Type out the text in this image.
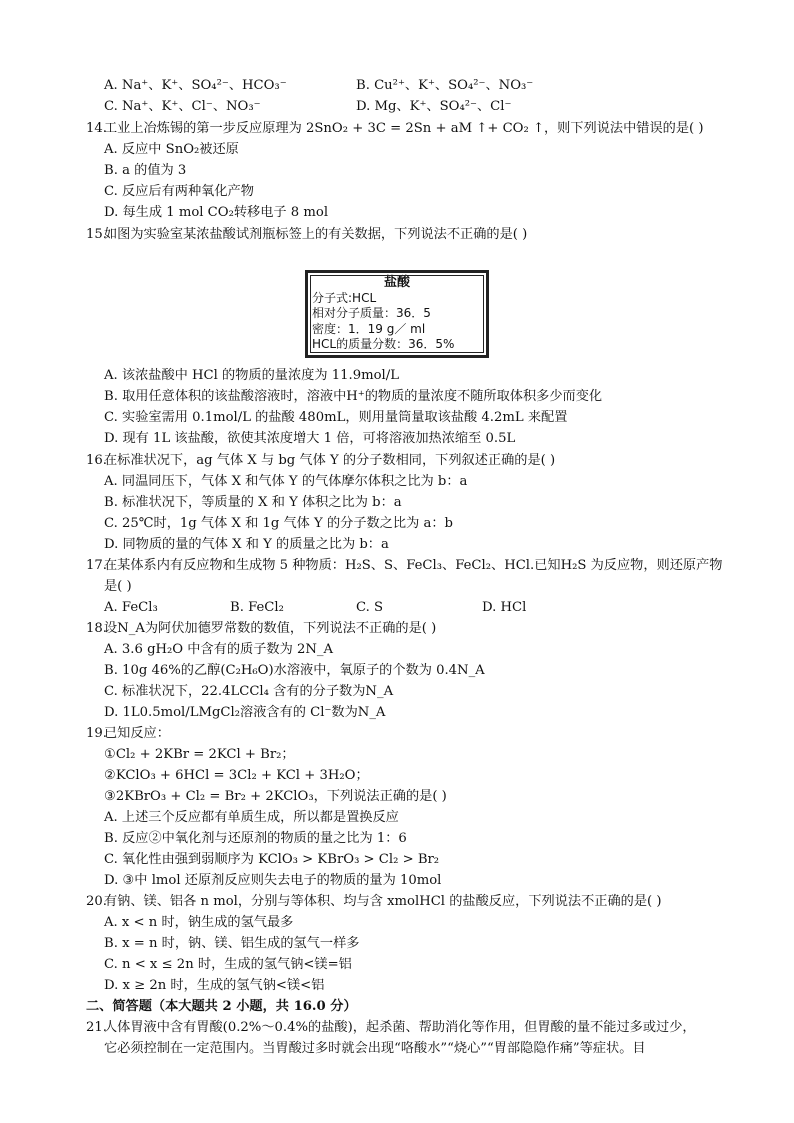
A. Na⁺、K⁺、SO₄²⁻、HCO₃⁻	B. Cu²⁺、K⁺、SO₄²⁻、NO₃⁻
C. Na⁺、K⁺、Cl⁻、NO₃⁻	D. Mg、K⁺、SO₄²⁻、Cl⁻
14.
工业上冶炼锡的第一步反应原理为 2SnO₂ + 3C = 2Sn + aM ↑+ CO₂ ↑，则下列说法中错误的是( )
A. 反应中 SnO₂被还原
B. a 的值为 3
C. 反应后有两种氧化产物
D. 每生成 1 mol CO₂转移电子 8 mol
15.
如图为实验室某浓盐酸试剂瓶标签上的有关数据，下列说法不正确的是( )
盐酸
分子式:HCL
相对分子质量：36．5
密度：1．19 g／ ml
HCL的质量分数：36．5%
A. 该浓盐酸中 HCl 的物质的量浓度为 11.9mol/L
B. 取用任意体积的该盐酸溶液时，溶液中H⁺的物质的量浓度不随所取体积多少而变化
C. 实验室需用 0.1mol/L 的盐酸 480mL，则用量筒量取该盐酸 4.2mL 来配置
D. 现有 1L 该盐酸，欲使其浓度增大 1 倍，可将溶液加热浓缩至 0.5L
16.
在标准状况下，ag 气体 X 与 bg 气体 Y 的分子数相同，下列叙述正确的是( )
A. 同温同压下，气体 X 和气体 Y 的气体摩尔体积之比为 b：a
B. 标准状况下，等质量的 X 和 Y 体积之比为 b：a
C. 25℃时，1g 气体 X 和 1g 气体 Y 的分子数之比为 a：b
D. 同物质的量的气体 X 和 Y 的质量之比为 b：a
17.
在某体系内有反应物和生成物 5 种物质：H₂S、S、FeCl₃、FeCl₂、HCl.已知H₂S 为反应物，则还原产物
是( )
A. FeCl₃	B. FeCl₂	C. S	D. HCl
18.
设N_A为阿伏加德罗常数的数值，下列说法不正确的是( )
A. 3.6 gH₂O 中含有的质子数为 2N_A
B. 10g 46%的乙醇(C₂H₆O)水溶液中，氧原子的个数为 0.4N_A
C. 标准状况下，22.4LCCl₄ 含有的分子数为N_A
D. 1L0.5mol/LMgCl₂溶液含有的 Cl⁻数为N_A
19.
已知反应：
①Cl₂ + 2KBr = 2KCl + Br₂；
②KClO₃ + 6HCl = 3Cl₂ + KCl + 3H₂O；
③2KBrO₃ + Cl₂ = Br₂ + 2KClO₃，下列说法正确的是( )
A. 上述三个反应都有单质生成，所以都是置换反应
B. 反应②中氧化剂与还原剂的物质的量之比为 1：6
C. 氧化性由强到弱顺序为 KClO₃ > KBrO₃ > Cl₂ > Br₂
D. ③中 lmol 还原剂反应则失去电子的物质的量为 10mol
20.
有钠、镁、铝各 n mol，分别与等体积、均与含 xmolHCl 的盐酸反应，下列说法不正确的是( )
A. x < n 时，钠生成的氢气最多
B. x = n 时，钠、镁、铝生成的氢气一样多
C. n < x ≤ 2n 时，生成的氢气钠<镁=铝
D. x ≥ 2n 时，生成的氢气钠<镁<铝
二、简答题（本大题共 2 小题，共 16.0 分）
21.
人体胃液中含有胃酸(0.2%～0.4%的盐酸)，起杀菌、帮助消化等作用，但胃酸的量不能过多或过少，
它必须控制在一定范围内。当胃酸过多时就会出现“咯酸水”“烧心”“胃部隐隐作痛”等症状。目
